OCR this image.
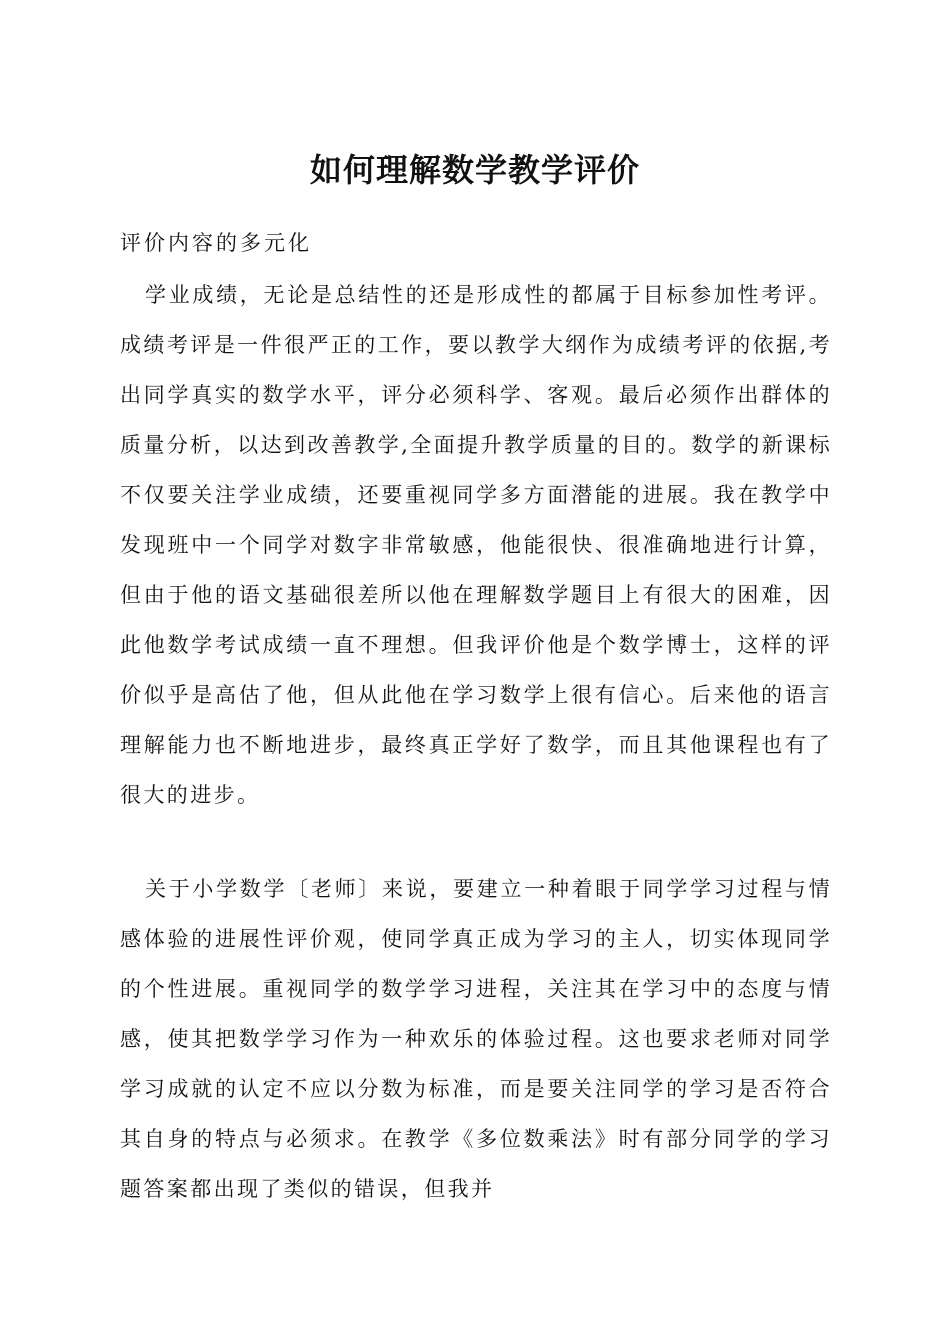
如何理解数学教学评价

评价内容的多元化

学业成绩，无论是总结性的还是形成性的都属于目标参加性考评。成绩考评是一件很严正的工作，要以教学大纲作为成绩考评的依据,考出同学真实的数学水平，评分必须科学、客观。最后必须作出群体的质量分析，以达到改善教学,全面提升教学质量的目的。数学的新课标不仅要关注学业成绩，还要重视同学多方面潜能的进展。我在教学中发现班中一个同学对数字非常敏感，他能很快、很准确地进行计算，但由于他的语文基础很差所以他在理解数学题目上有很大的困难，因此他数学考试成绩一直不理想。但我评价他是个数学博士，这样的评价似乎是高估了他，但从此他在学习数学上很有信心。后来他的语言理解能力也不断地进步，最终真正学好了数学，而且其他课程也有了很大的进步。

关于小学数学〔老师〕来说，要建立一种着眼于同学学习过程与情感体验的进展性评价观，使同学真正成为学习的主人，切实体现同学的个性进展。重视同学的数学学习进程，关注其在学习中的态度与情感，使其把数学学习作为一种欢乐的体验过程。这也要求老师对同学学习成就的认定不应以分数为标准，而是要关注同学的学习是否符合其自身的特点与必须求。在教学《多位数乘法》时有部分同学的学习题答案都出现了类似的错误，但我并
